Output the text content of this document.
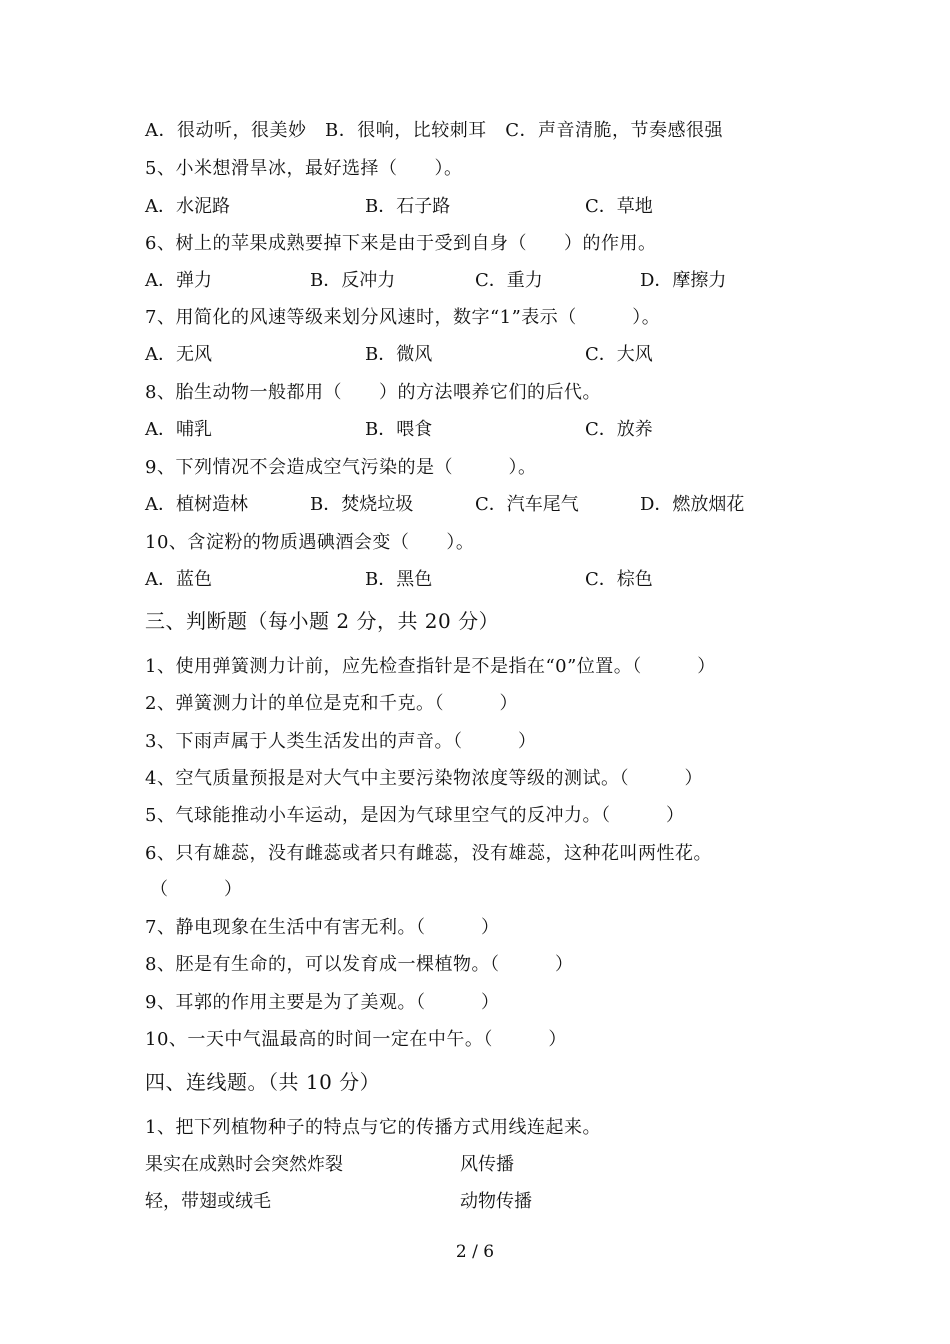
A．很动听，很美妙　B．很响，比较刺耳　C．声音清脆，节奏感很强
5、小米想滑旱冰，最好选择（　　）。
A．水泥路	B．石子路	C．草地
6、树上的苹果成熟要掉下来是由于受到自身（　　）的作用。
A．弹力	B．反冲力	C．重力	D．摩擦力
7、用简化的风速等级来划分风速时，数字“1”表示（　　　）。
A．无风	B．微风	C．大风
8、胎生动物一般都用（　　）的方法喂养它们的后代。
A．哺乳	B．喂食	C．放养
9、下列情况不会造成空气污染的是（　　　）。
A．植树造林	B．焚烧垃圾	C．汽车尾气	D．燃放烟花
10、含淀粉的物质遇碘酒会变（　　）。
A．蓝色	B．黑色	C．棕色
三、判断题（每小题 2 分，共 20 分）
1、使用弹簧测力计前，应先检查指针是不是指在“0”位置。（　　　）
2、弹簧测力计的单位是克和千克。（　　　）
3、下雨声属于人类生活发出的声音。（　　　）
4、空气质量预报是对大气中主要污染物浓度等级的测试。（　　　）
5、气球能推动小车运动，是因为气球里空气的反冲力。（　　　）
6、只有雄蕊，没有雌蕊或者只有雌蕊，没有雄蕊，这种花叫两性花。
（　　　）
7、静电现象在生活中有害无利。（　　　）
8、胚是有生命的，可以发育成一棵植物。（　　　）
9、耳郭的作用主要是为了美观。（　　　）
10、一天中气温最高的时间一定在中午。（　　　）
四、连线题。（共 10 分）
1、把下列植物种子的特点与它的传播方式用线连起来。
果实在成熟时会突然炸裂	风传播
轻，带翅或绒毛	动物传播
2 / 6
